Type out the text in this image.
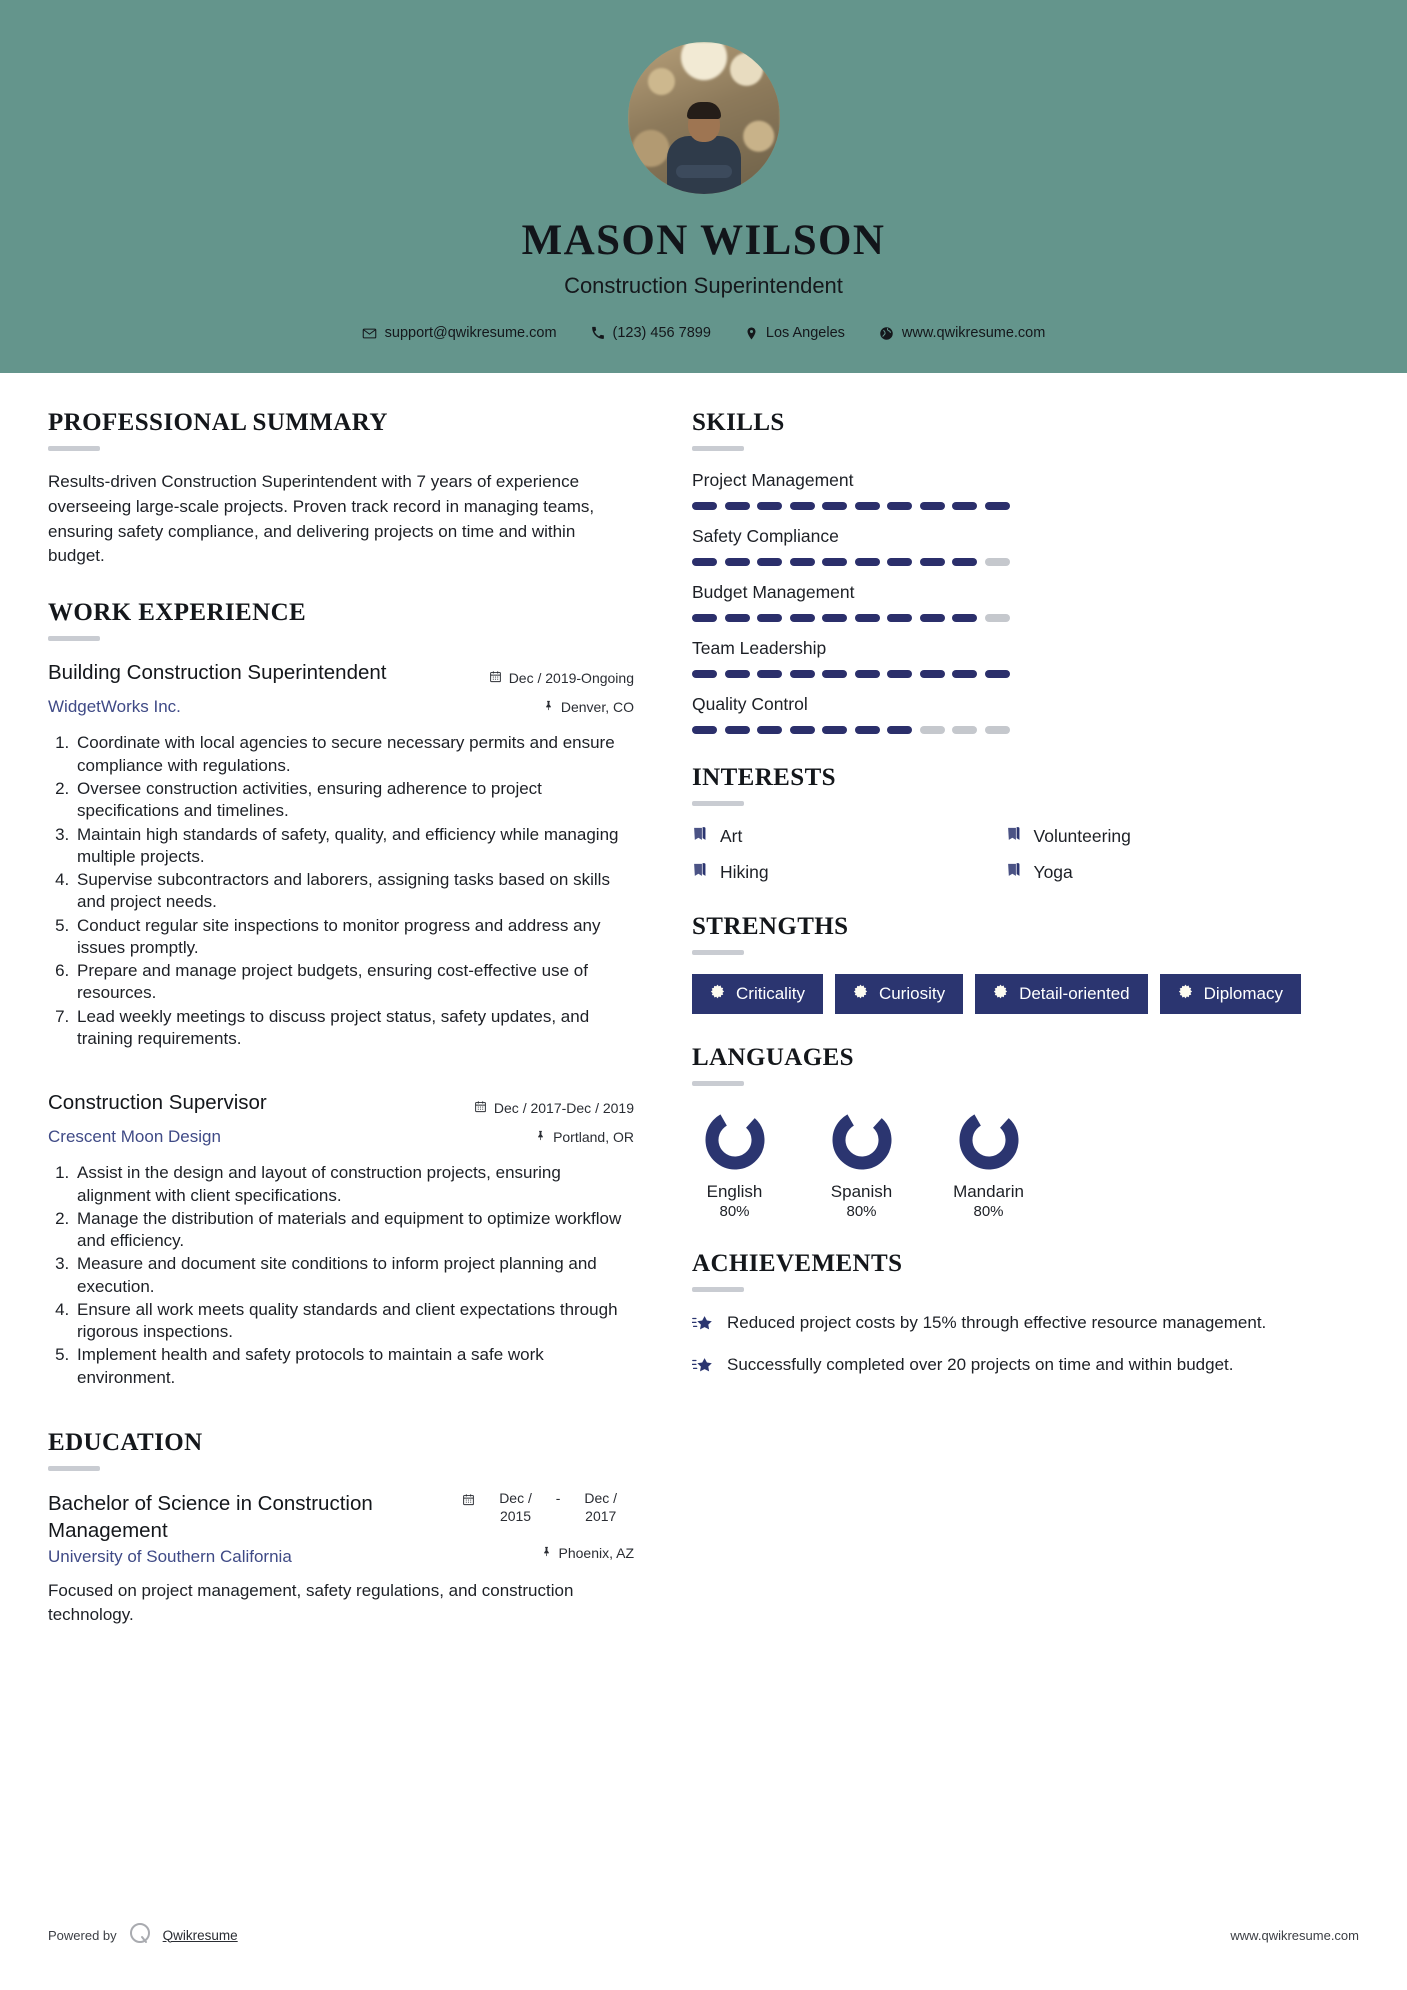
MASON WILSON
Construction Superintendent
support@qwikresume.com	(123) 456 7899	Los Angeles	www.qwikresume.com
PROFESSIONAL SUMMARY
Results-driven Construction Superintendent with 7 years of experience overseeing large-scale projects. Proven track record in managing teams, ensuring safety compliance, and delivering projects on time and within budget.
WORK EXPERIENCE
Building Construction Superintendent	Dec / 2019-Ongoing
WidgetWorks Inc.	Denver, CO
1. Coordinate with local agencies to secure necessary permits and ensure compliance with regulations.
2. Oversee construction activities, ensuring adherence to project specifications and timelines.
3. Maintain high standards of safety, quality, and efficiency while managing multiple projects.
4. Supervise subcontractors and laborers, assigning tasks based on skills and project needs.
5. Conduct regular site inspections to monitor progress and address any issues promptly.
6. Prepare and manage project budgets, ensuring cost-effective use of resources.
7. Lead weekly meetings to discuss project status, safety updates, and training requirements.
Construction Supervisor	Dec / 2017-Dec / 2019
Crescent Moon Design	Portland, OR
1. Assist in the design and layout of construction projects, ensuring alignment with client specifications.
2. Manage the distribution of materials and equipment to optimize workflow and efficiency.
3. Measure and document site conditions to inform project planning and execution.
4. Ensure all work meets quality standards and client expectations through rigorous inspections.
5. Implement health and safety protocols to maintain a safe work environment.
EDUCATION
Bachelor of Science in Construction Management
University of Southern California
Dec / 2015
-	Dec / 2017
Phoenix, AZ
Focused on project management, safety regulations, and construction technology.
SKILLS
Project Management
Safety Compliance
Budget Management
Team Leadership
Quality Control
INTERESTS
Art	Volunteering
Hiking	Yoga
STRENGTHS
Criticality	Curiosity	Detail-oriented	Diplomacy
LANGUAGES
English
80%
Spanish
80%
Mandarin
80%
ACHIEVEMENTS
Reduced project costs by 15% through effective resource management.
Successfully completed over 20 projects on time and within budget.
Powered by	Qwikresume	www.qwikresume.com
